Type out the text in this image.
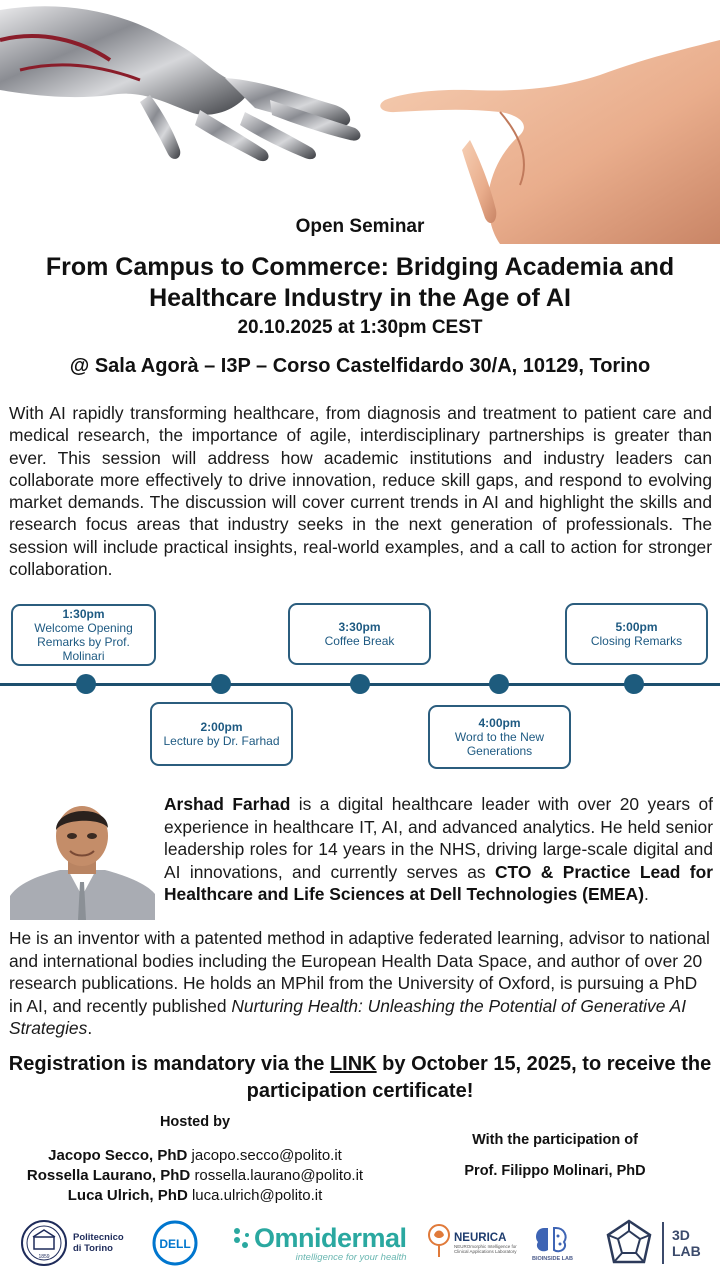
Open Seminar
From Campus to Commerce: Bridging Academia and Healthcare Industry in the Age of AI
20.10.2025 at 1:30pm CEST
@ Sala Agorà – I3P – Corso Castelfidardo 30/A, 10129, Torino

With AI rapidly transforming healthcare, from diagnosis and treatment to patient care and medical research, the importance of agile, interdisciplinary partnerships is greater than ever. This session will address how academic institutions and industry leaders can collaborate more effectively to drive innovation, reduce skill gaps, and respond to evolving market demands. The discussion will cover current trends in AI and highlight the skills and research focus areas that industry seeks in the next generation of professionals. The session will include practical insights, real-world examples, and a call to action for stronger collaboration.

1:30pm
Welcome Opening Remarks by Prof. Molinari
2:00pm
Lecture by Dr. Farhad
3:30pm
Coffee Break
4:00pm
Word to the New Generations
5:00pm
Closing Remarks

Arshad Farhad is a digital healthcare leader with over 20 years of experience in healthcare IT, AI, and advanced analytics. He held senior leadership roles for 14 years in the NHS, driving large-scale digital and AI innovations, and currently serves as CTO & Practice Lead for Healthcare and Life Sciences at Dell Technologies (EMEA).

He is an inventor with a patented method in adaptive federated learning, advisor to national and international bodies including the European Health Data Space, and author of over 20 research publications. He holds an MPhil from the University of Oxford, is pursuing a PhD in AI, and recently published Nurturing Health: Unleashing the Potential of Generative AI Strategies.

Registration is mandatory via the LINK by October 15, 2025, to receive the participation certificate!
Hosted by
Jacopo Secco, PhD jacopo.secco@polito.it
Rossella Laurano, PhD rossella.laurano@polito.it
Luca Ulrich, PhD luca.ulrich@polito.it
With the participation of
Prof. Filippo Molinari, PhD
1859
Politecnico di Torino	DELL Omnidermal
intelligence for your health
NEURICA
NEUROmorphic Intelligence for Clinical Applications Laboratory
BIOINSIDE LAB
3D LAB
